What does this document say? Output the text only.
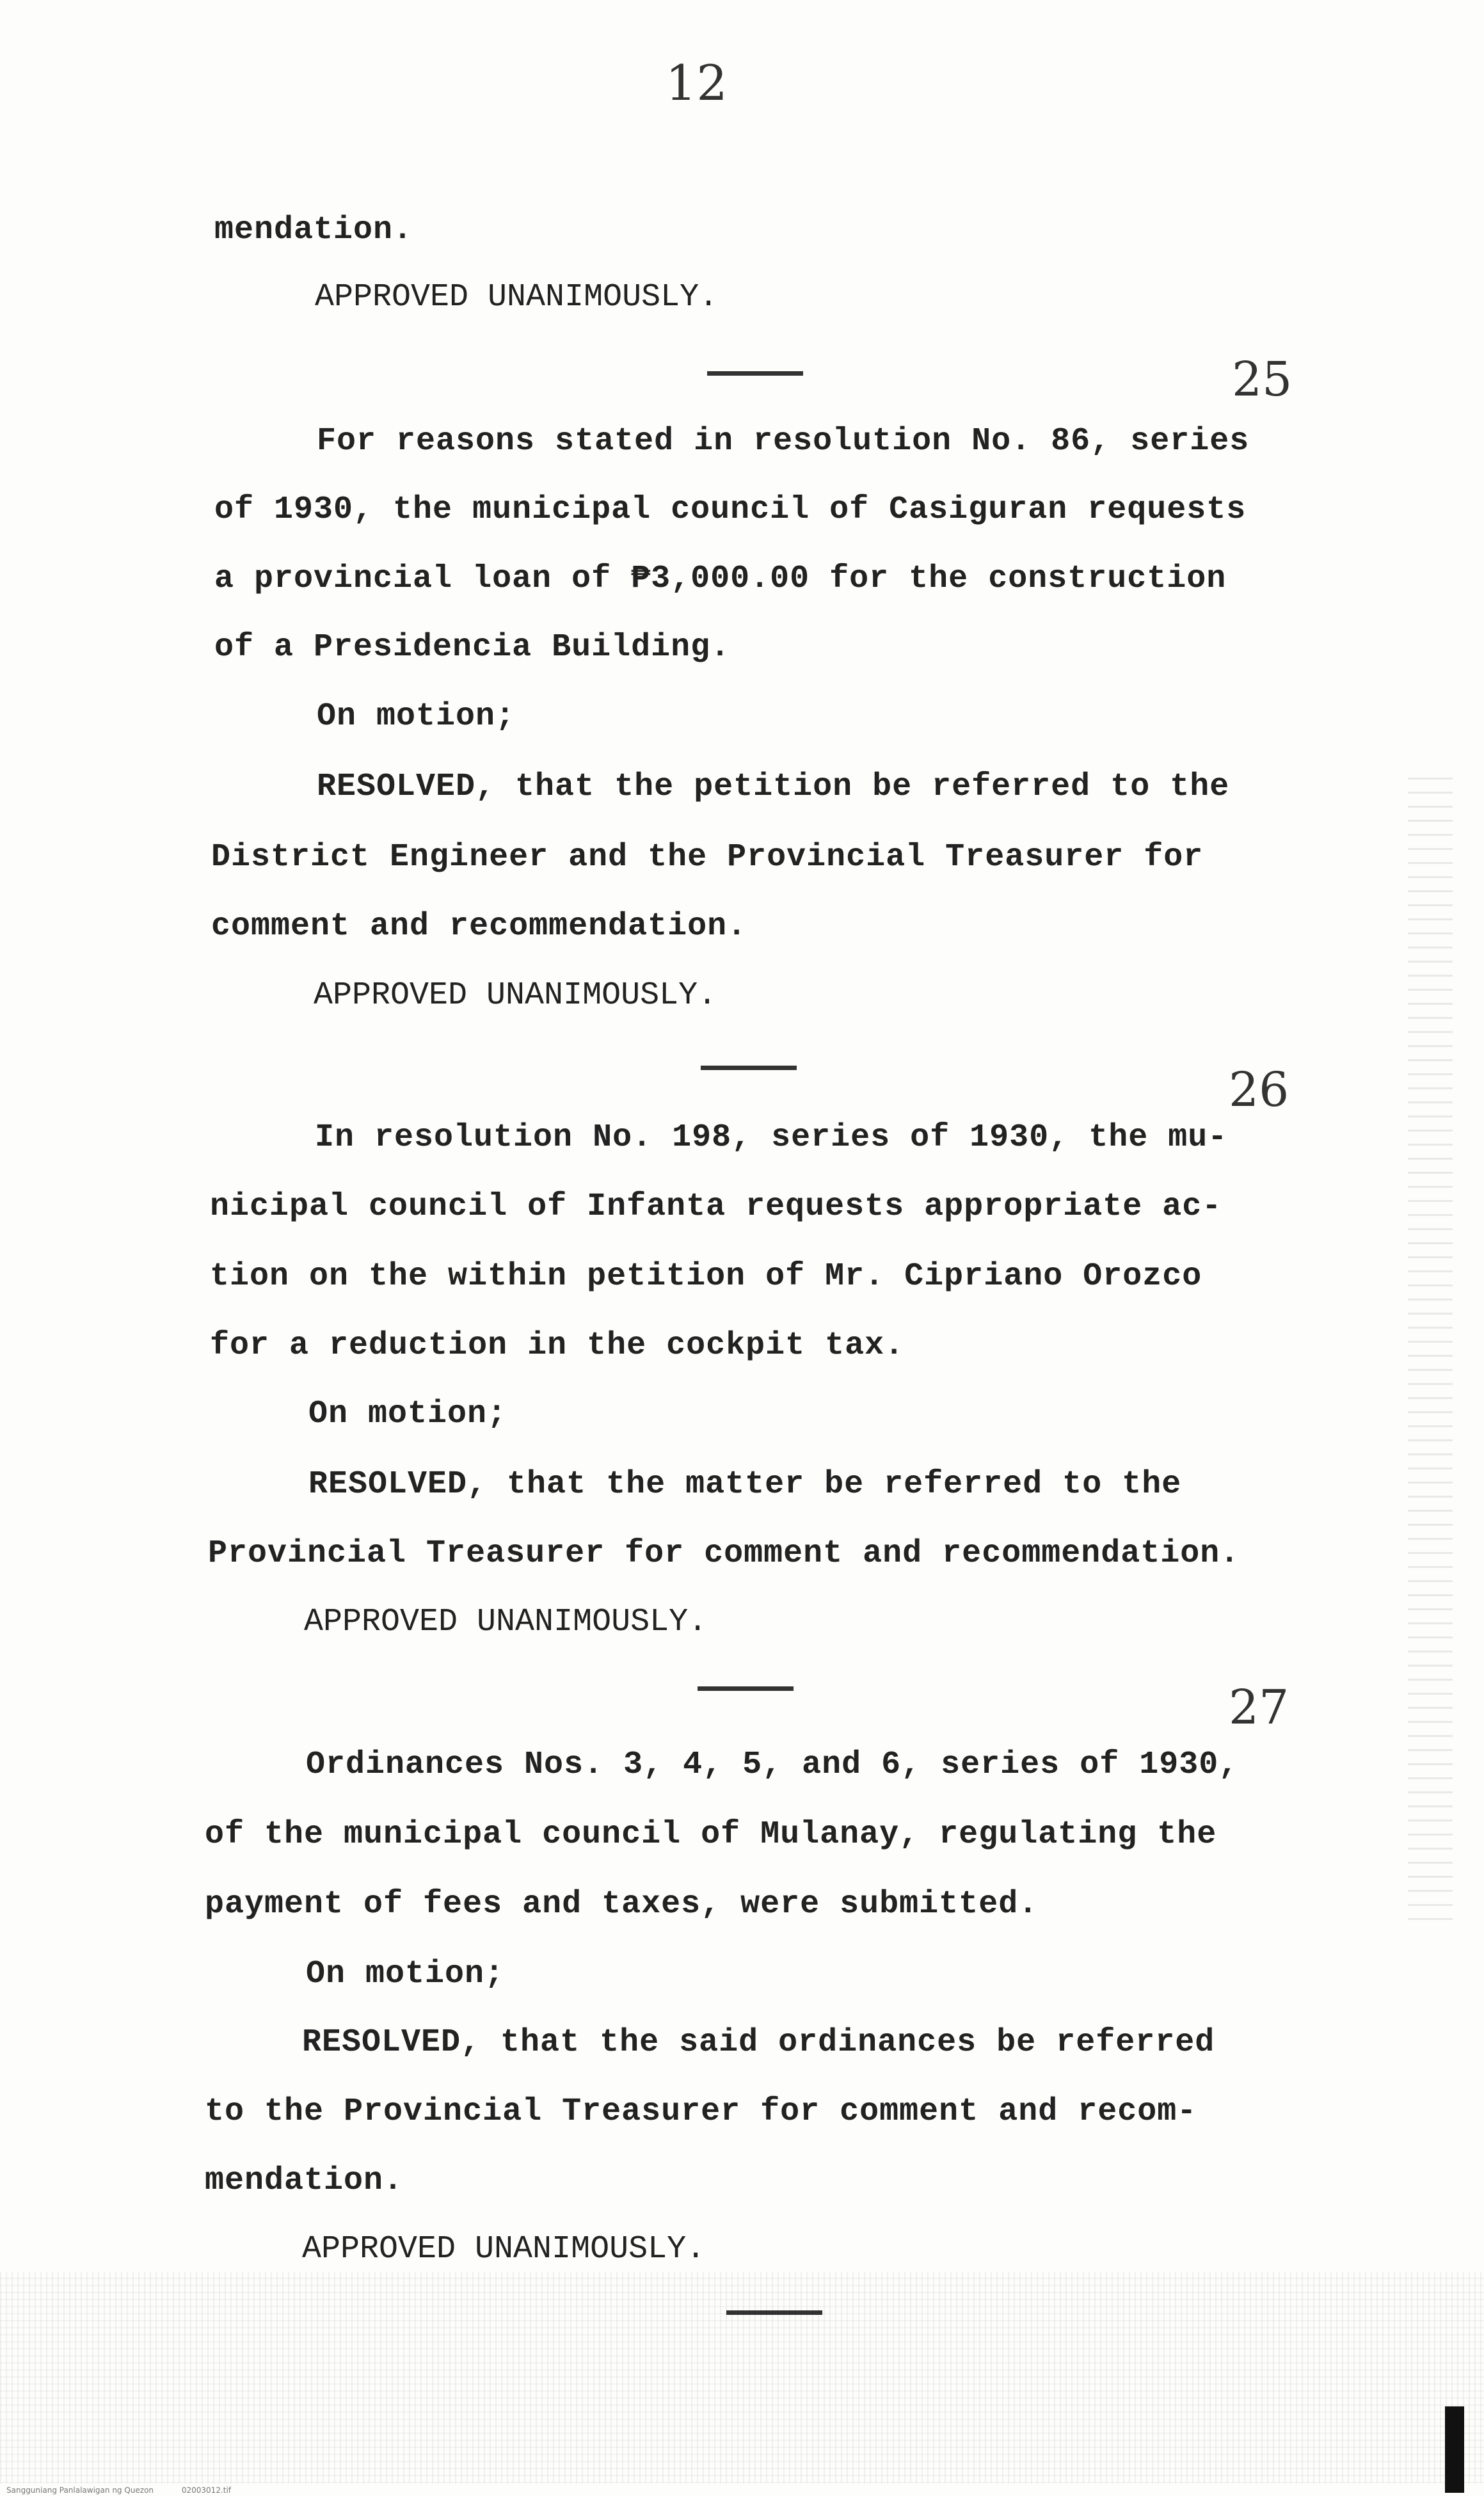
12
mendation.
APPROVED UNANIMOUSLY.
25
For reasons stated in resolution No. 86, series
of 1930, the municipal council of Casiguran requests
a provincial loan of ₱3,000.00 for the construction
of a Presidencia Building.
On motion;
RESOLVED, that the petition be referred to the
District Engineer and the Provincial Treasurer for
comment and recommendation.
APPROVED UNANIMOUSLY.
26
In resolution No. 198, series of 1930, the mu-
nicipal council of Infanta requests appropriate ac-
tion on the within petition of Mr. Cipriano Orozco
for a reduction in the cockpit tax.
On motion;
RESOLVED, that the matter be referred to the
Provincial Treasurer for comment and recommendation.
APPROVED UNANIMOUSLY.
27
Ordinances Nos. 3, 4, 5, and 6, series of 1930,
of the municipal council of Mulanay, regulating the
payment of fees and taxes, were submitted.
On motion;
RESOLVED, that the said ordinances be referred
to the Provincial Treasurer for comment and recom-
mendation.
APPROVED UNANIMOUSLY.
Sangguniang Panlalawigan ng Quezon	02003012.tif
